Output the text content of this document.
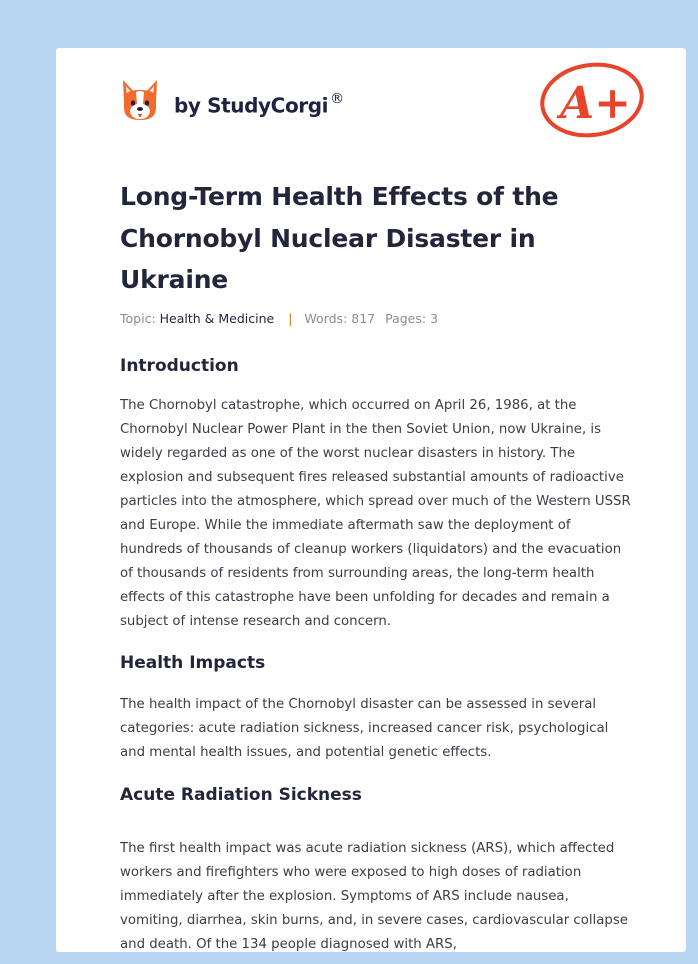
by StudyCorgi ®	A+
Long-Term Health Effects of the Chornobyl Nuclear Disaster in Ukraine
Topic: Health & Medicine | Words: 817 Pages: 3
Introduction

The Chornobyl catastrophe, which occurred on April 26, 1986, at the Chornobyl Nuclear Power Plant in the then Soviet Union, now Ukraine, is widely regarded as one of the worst nuclear disasters in history. The explosion and subsequent fires released substantial amounts of radioactive particles into the atmosphere, which spread over much of the Western USSR and Europe. While the immediate aftermath saw the deployment of hundreds of thousands of cleanup workers (liquidators) and the evacuation of thousands of residents from surrounding areas, the long-term health effects of this catastrophe have been unfolding for decades and remain a subject of intense research and concern.

Health Impacts

The health impact of the Chornobyl disaster can be assessed in several categories: acute radiation sickness, increased cancer risk, psychological and mental health issues, and potential genetic effects.

Acute Radiation Sickness

The first health impact was acute radiation sickness (ARS), which affected workers and firefighters who were exposed to high doses of radiation immediately after the explosion. Symptoms of ARS include nausea, vomiting, diarrhea, skin burns, and, in severe cases, cardiovascular collapse and death. Of the 134 people diagnosed with ARS,
